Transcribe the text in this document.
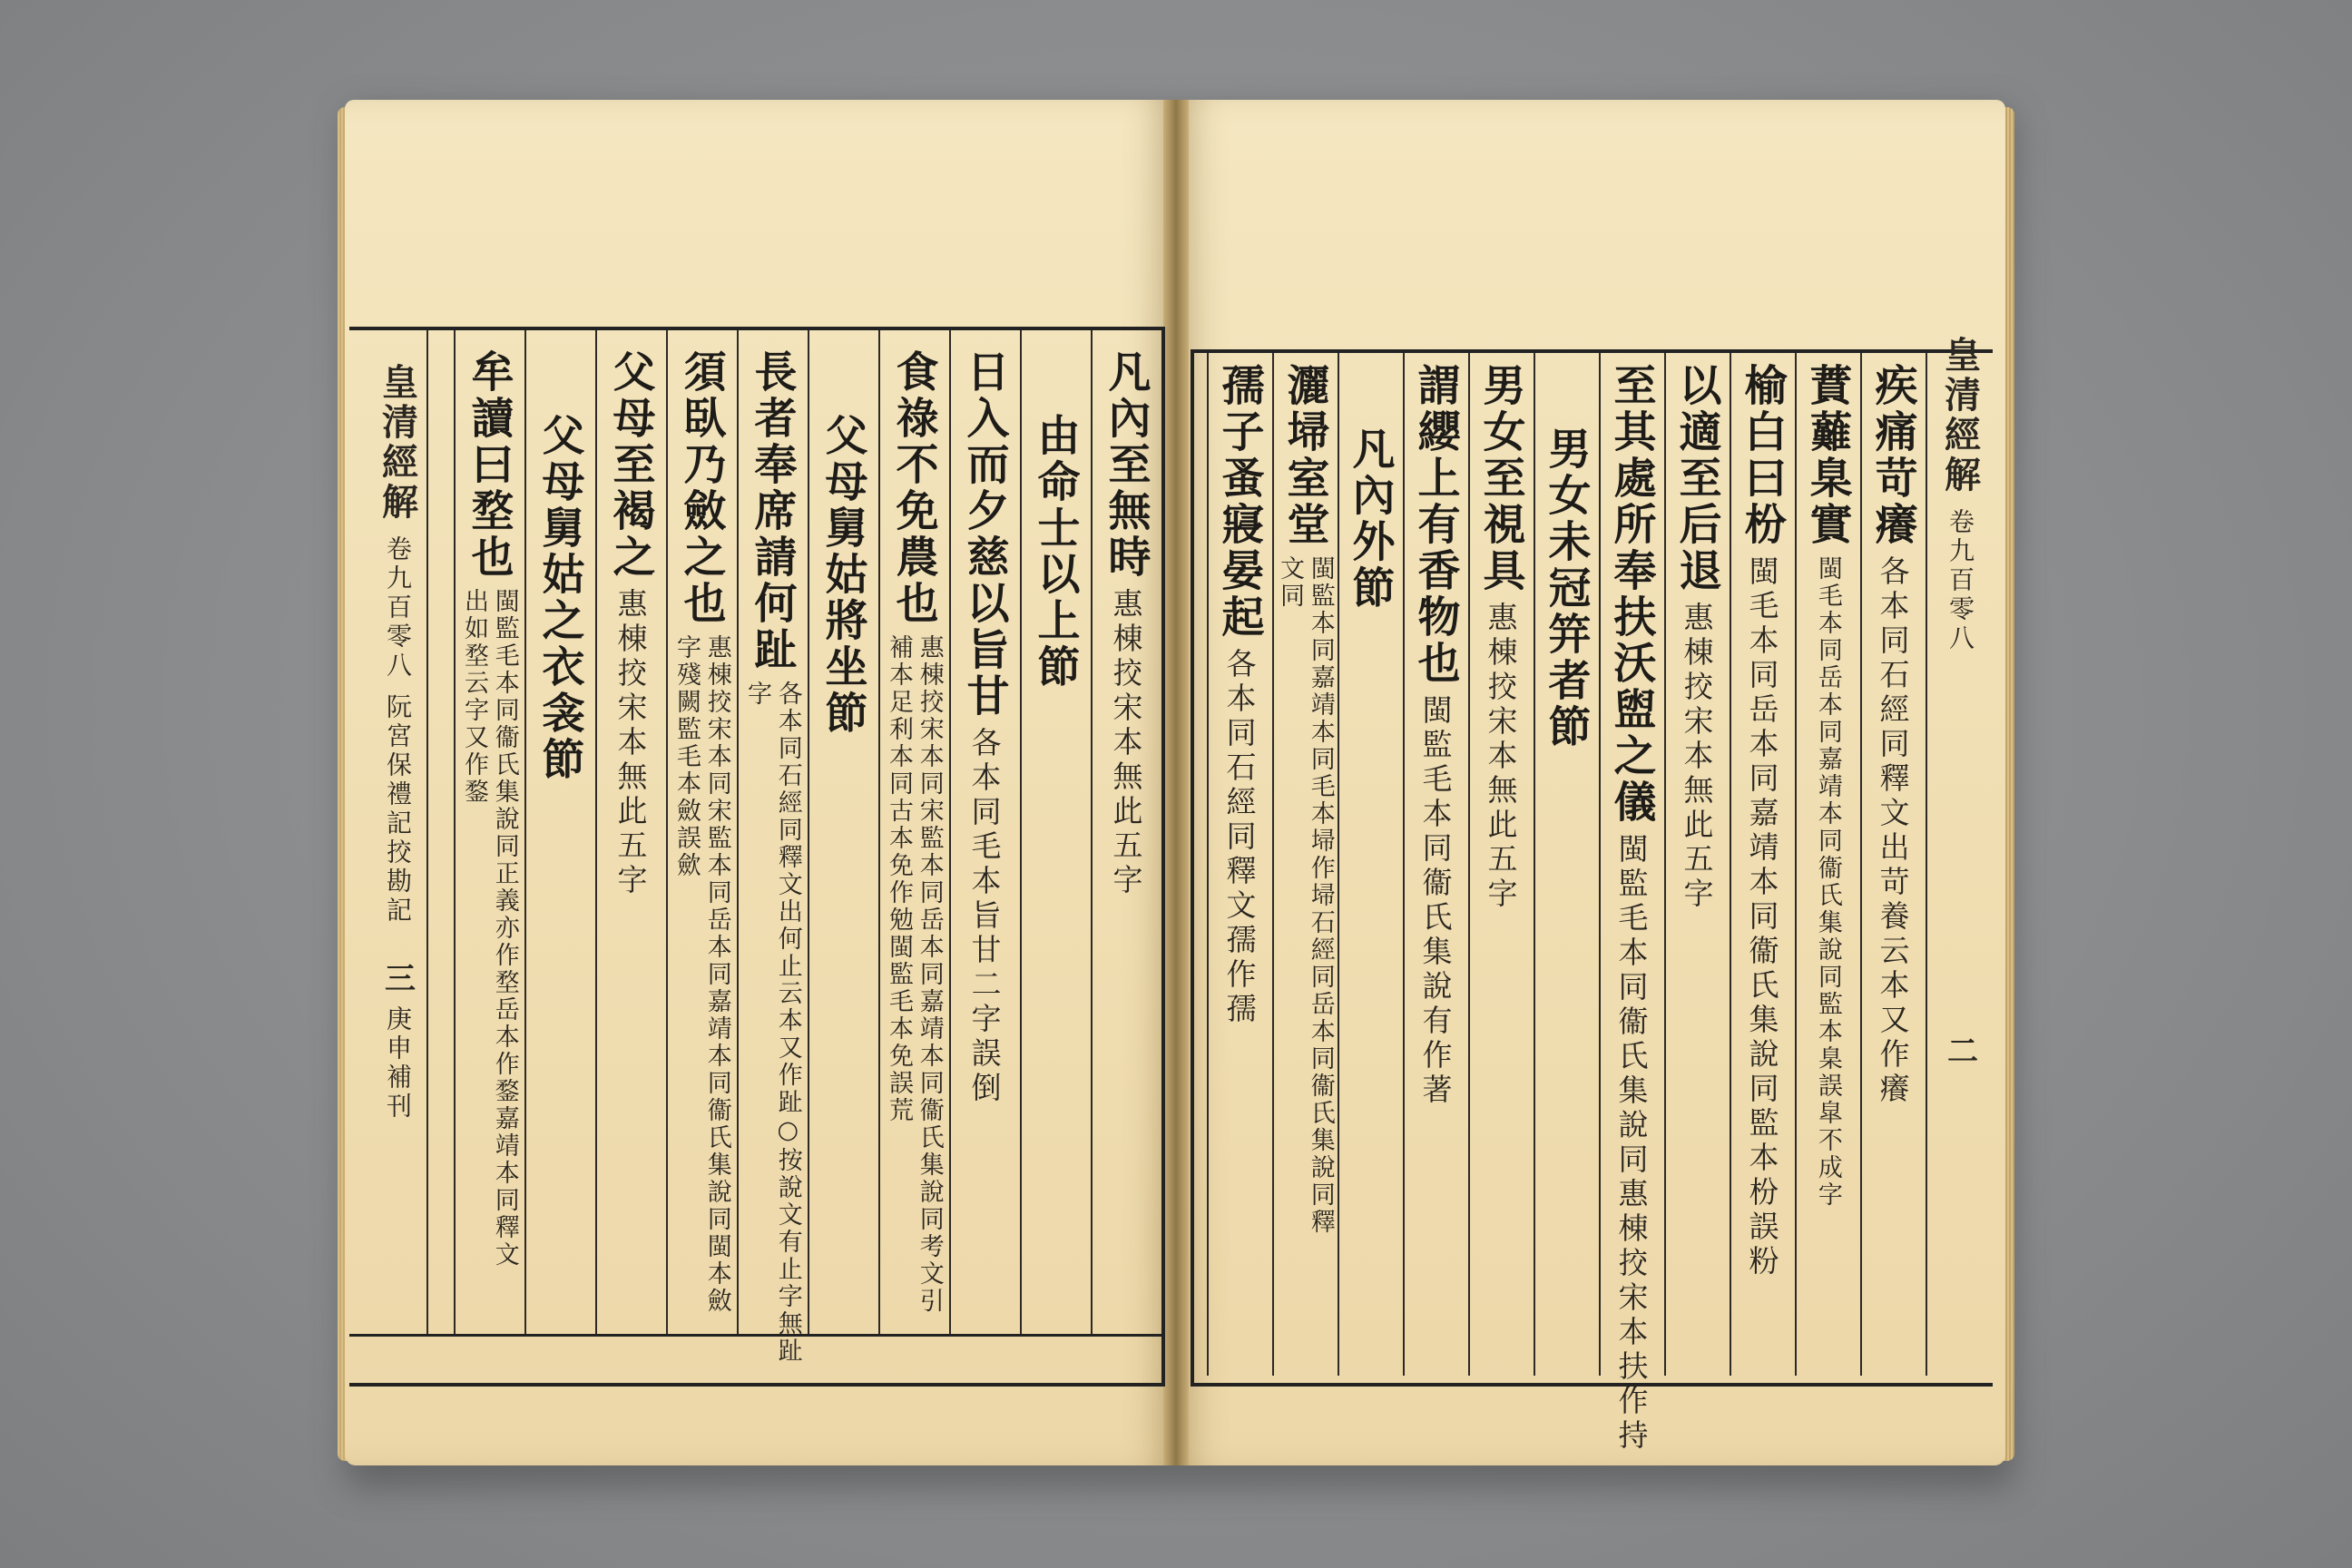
皇清經解
卷九百零八
阮宮保禮記挍勘記
三
庚申補刊
凡內至無時
惠棟挍宋本無此五字
由命士以上節
日入而夕慈以旨甘
各本同毛本旨甘二字誤倒
食祿不免農也
惠棟挍宋本同宋監本同岳本同嘉靖本同衞氏集說同考文引補本足利本同古本免作勉閩監毛本免誤荒
父母舅姑將坐節
長者奉席請何趾
各本同石經同釋文出何止云本又作趾○按說文有止字無趾字
須臥乃斂之也
惠棟挍宋本同宋監本同岳本同嘉靖本同衞氏集說同閩本斂字殘闕監毛本斂誤歛
父母至褐之
惠棟挍宋本無此五字
父母舅姑之衣衾節
牟讀曰堥也
閩監毛本同衞氏集說同正義亦作堥岳本作鍪嘉靖本同釋文出如堥云字又作鍪
皇清經解
卷九百零八
二
疾痛苛癢
各本同石經同釋文出苛養云本又作癢
蕡䕼臬實
閩毛本同岳本同嘉靖本同衞氏集說同監本臬誤皐不成字
榆白曰枌
閩毛本同岳本同嘉靖本同衞氏集說同監本枌誤粉
以適至后退
惠棟挍宋本無此五字
至其處所奉扶沃盥之儀
閩監毛本同衞氏集說同惠棟挍宋本扶作持
男女未冠笄者節
男女至視具
惠棟挍宋本無此五字
謂纓上有香物也
閩監毛本同衞氏集說有作著
凡內外節
灑埽室堂
閩監本同嘉靖本同毛本埽作埽石經同岳本同衞氏集說同釋文同
孺子蚤寢晏起
各本同石經同釋文孺作孺
